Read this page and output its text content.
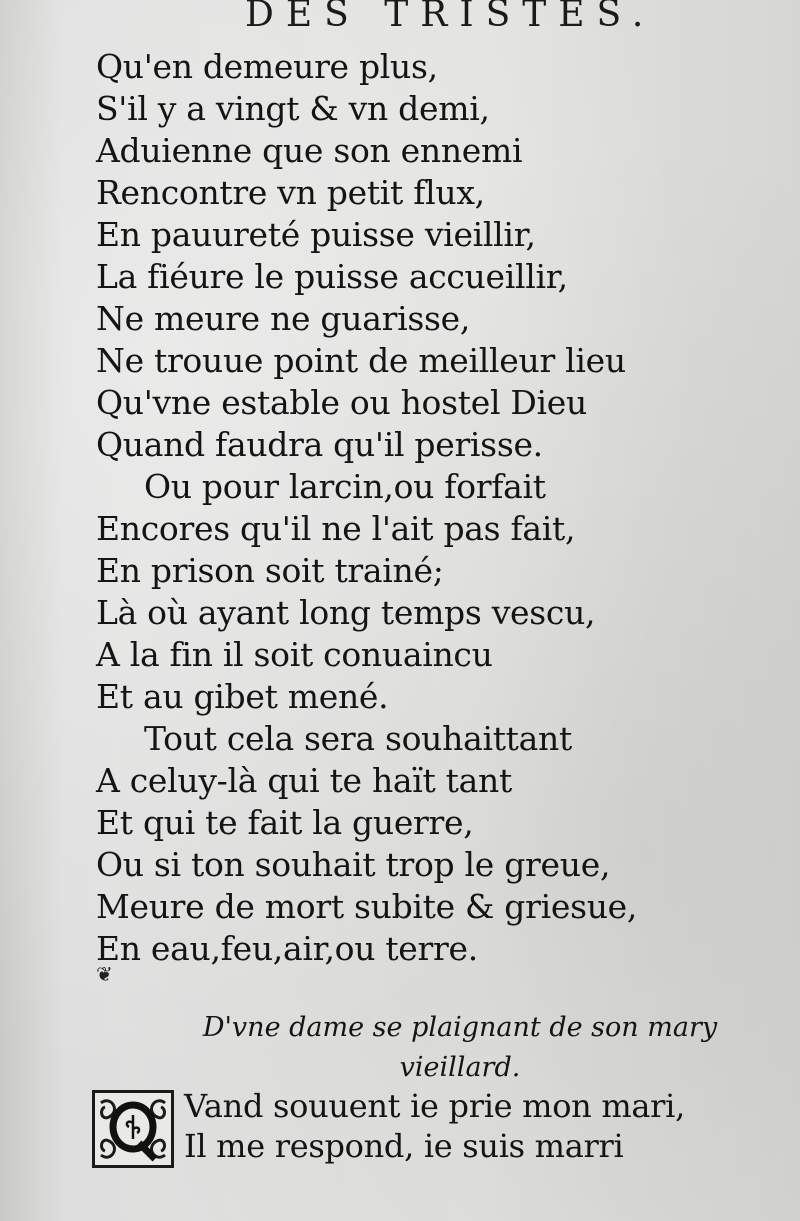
DES TRISTES.
Qu'en demeure plus,
S'il y a vingt & vn demi,
Aduienne que son ennemi
Rencontre vn petit flux,
En pauureté puisse vieillir,
La fiéure le puisse accueillir,
Ne meure ne guarisse,
Ne trouue point de meilleur lieu
Qu'vne estable ou hostel Dieu
Quand faudra qu'il perisse.
Ou pour larcin,ou forfait
Encores qu'il ne l'ait pas fait,
En prison soit trainé;
Là où ayant long temps vescu,
A la fin il soit conuaincu
Et au gibet mené.
Tout cela sera souhaittant
A celuy-là qui te haït tant
Et qui te fait la guerre,
Ou si ton souhait trop le greue,
Meure de mort subite & griesue,
En eau,feu,air,ou terre.
❦
D'vne dame se plaignant de son mary
vieillard.
Vand souuent ie prie mon mari,
Il me respond, ie suis marri
